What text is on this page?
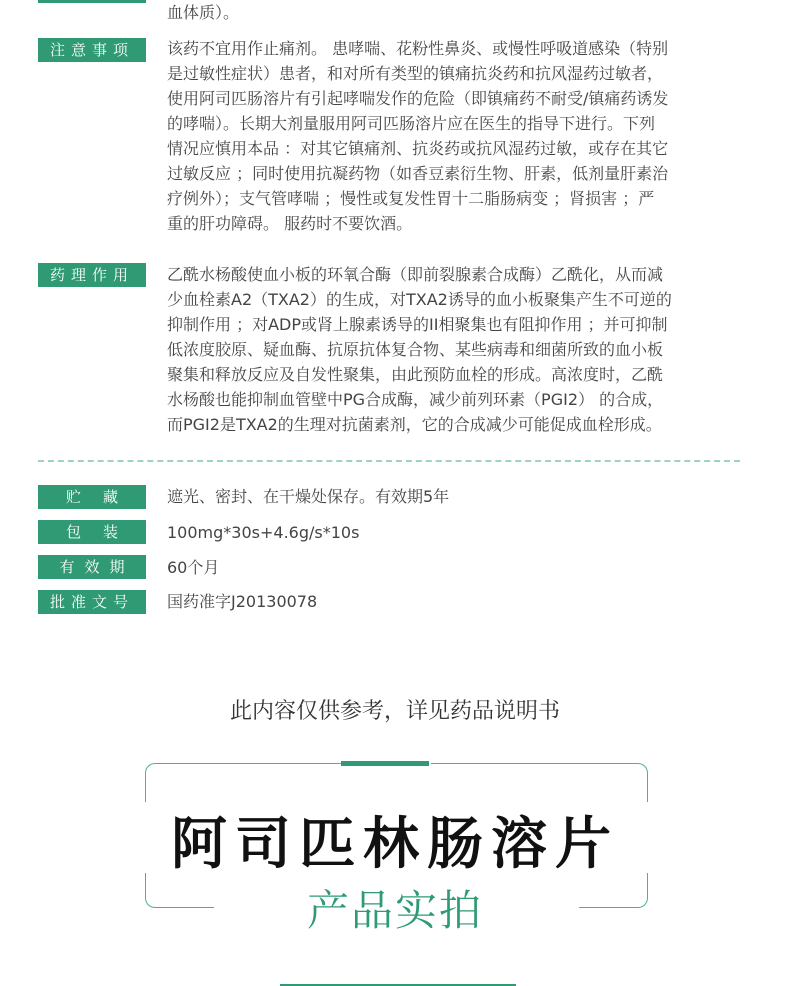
血体质）。
注意事项	该药不宜用作止痛剂。 患哮喘、花粉性鼻炎、或慢性呼吸道感染（特别
是过敏性症状）患者，和对所有类型的镇痛抗炎药和抗风湿药过敏者，
使用阿司匹肠溶片有引起哮喘发作的危险（即镇痛药不耐受/镇痛药诱发
的哮喘）。长期大剂量服用阿司匹肠溶片应在医生的指导下进行。下列
情况应慎用本品 ：对其它镇痛剂、抗炎药或抗风湿药过敏，或存在其它
过敏反应 ；同时使用抗凝药物（如香豆素衍生物、肝素，低剂量肝素治
疗例外）；支气管哮喘 ；慢性或复发性胃十二脂肠病变 ；肾损害 ；严
重的肝功障碍。 服药时不要饮酒。
药理作用	乙酰水杨酸使血小板的环氧合酶（即前裂腺素合成酶）乙酰化，从而减
少血栓素A2（TXA2）的生成，对TXA2诱导的血小板聚集产生不可逆的
抑制作用 ；对ADP或肾上腺素诱导的II相聚集也有阻抑作用 ；并可抑制
低浓度胶原、疑血酶、抗原抗体复合物、某些病毒和细菌所致的血小板
聚集和释放反应及自发性聚集，由此预防血栓的形成。高浓度时，乙酰
水杨酸也能抑制血管壁中PG合成酶，减少前列环素（PGI2） 的合成，
而PGI2是TXA2的生理对抗菌素剂，它的合成减少可能促成血栓形成。
贮藏	遮光、密封、在干燥处保存。有效期5年
包装	100mg*30s+4.6g/s*10s
有效期	60个月
批准文号	国药准字J20130078
此内容仅供参考，详见药品说明书
阿司匹林肠溶片
产品实拍
